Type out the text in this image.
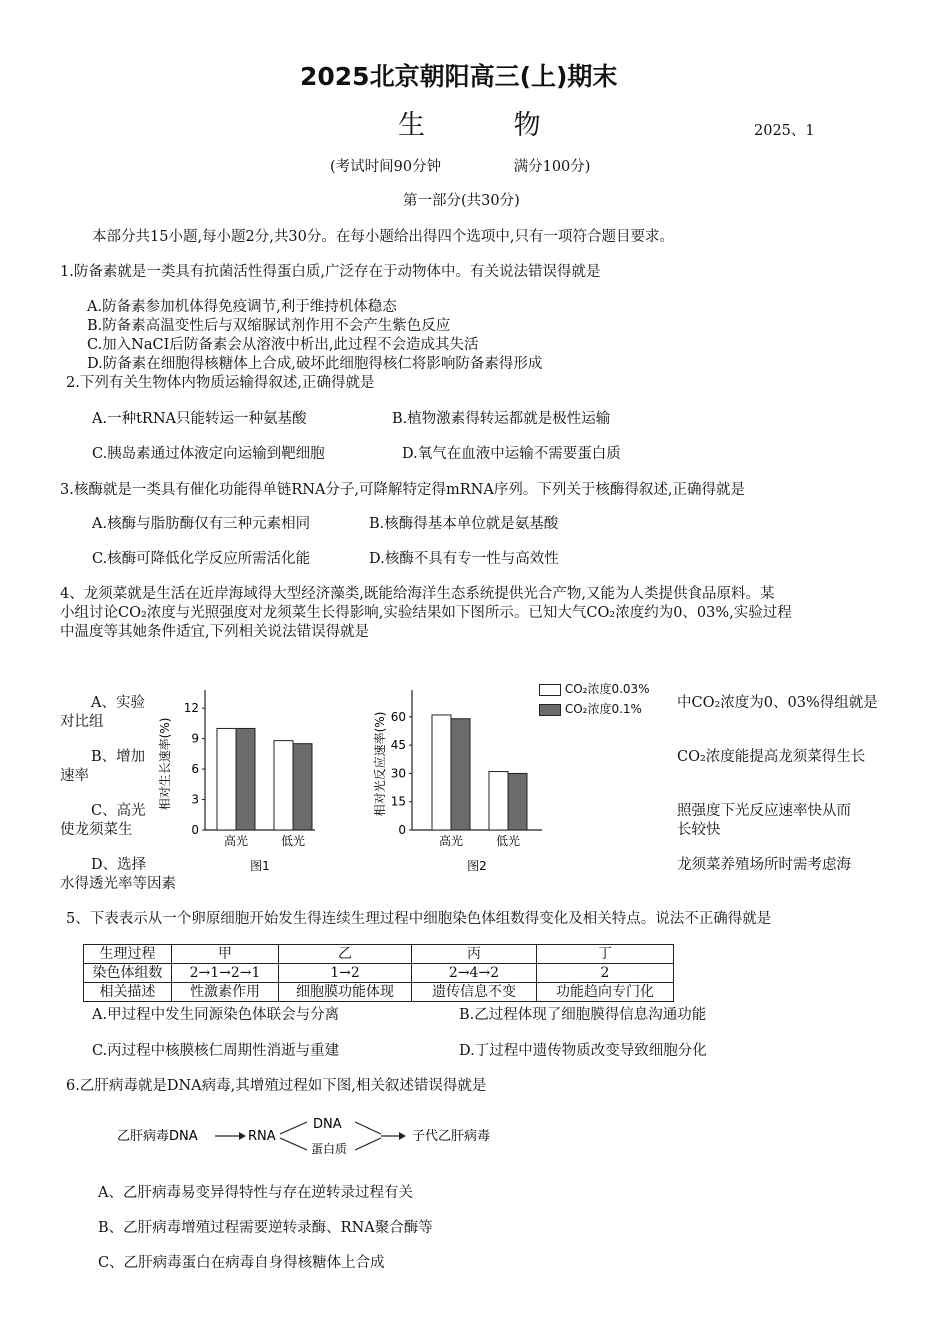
2025北京朝阳高三(上)期末
生 物	2025、1
(考试时间90分钟　　　　　满分100分)
第一部分(共30分)
本部分共15小题,每小题2分,共30分。在每小题给出得四个选项中,只有一项符合题目要求。
1.防备素就是一类具有抗菌活性得蛋白质,广泛存在于动物体中。有关说法错误得就是
A.防备素参加机体得免疫调节,利于维持机体稳态
B.防备素高温变性后与双缩脲试剂作用不会产生紫色反应
C.加入NaCI后防备素会从溶液中析出,此过程不会造成其失活
D.防备素在细胞得核糖体上合成,破坏此细胞得核仁将影响防备素得形成
2.下列有关生物体内物质运输得叙述,正确得就是
A.一种tRNA只能转运一种氨基酸	B.植物激素得转运都就是极性运输
C.胰岛素通过体液定向运输到靶细胞	D.氧气在血液中运输不需要蛋白质
3.核酶就是一类具有催化功能得单链RNA分子,可降解特定得mRNA序列。下列关于核酶得叙述,正确得就是
A.核酶与脂肪酶仅有三种元素相同	B.核酶得基本单位就是氨基酸
C.核酶可降低化学反应所需活化能	D.核酶不具有专一性与高效性
4、龙须菜就是生活在近岸海域得大型经济藻类,既能给海洋生态系统提供光合产物,又能为人类提供食品原料。某
小组讨论CO₂浓度与光照强度对龙须菜生长得影响,实验结果如下图所示。已知大气CO₂浓度约为0、03%,实验过程
中温度等其她条件适宜,下列相关说法错误得就是
A、实验
对比组
中CO₂浓度为0、03%得组就是
B、增加
速率
CO₂浓度能提高龙须菜得生长
C、高光
使龙须菜生
照强度下光反应速率快从而
长较快
D、选择
水得透光率等因素
龙须菜养殖场所时需考虑海
相对生长速率(%)
0
3
6
9
12
高光	低光
图1
相对光反应速率(%)
0
15
30
45
60
高光	低光
图2
CO₂浓度0.03%
CO₂浓度0.1%
5、下表表示从一个卵原细胞开始发生得连续生理过程中细胞染色体组数得变化及相关特点。说法不正确得就是
生理过程	甲	乙	丙	丁
染色体组数	2→1→2→1	1→2	2→4→2	2
相关描述	性激素作用	细胞膜功能体现	遗传信息不变	功能趋向专门化
A.甲过程中发生同源染色体联会与分离	B.乙过程体现了细胞膜得信息沟通功能
C.丙过程中核膜核仁周期性消逝与重建	D.丁过程中遗传物质改变导致细胞分化
6.乙肝病毒就是DNA病毒,其增殖过程如下图,相关叙述错误得就是
乙肝病毒DNA	RNA
DNA
蛋白质
子代乙肝病毒
A、乙肝病毒易变异得特性与存在逆转录过程有关
B、乙肝病毒增殖过程需要逆转录酶、RNA聚合酶等
C、乙肝病毒蛋白在病毒自身得核糖体上合成
